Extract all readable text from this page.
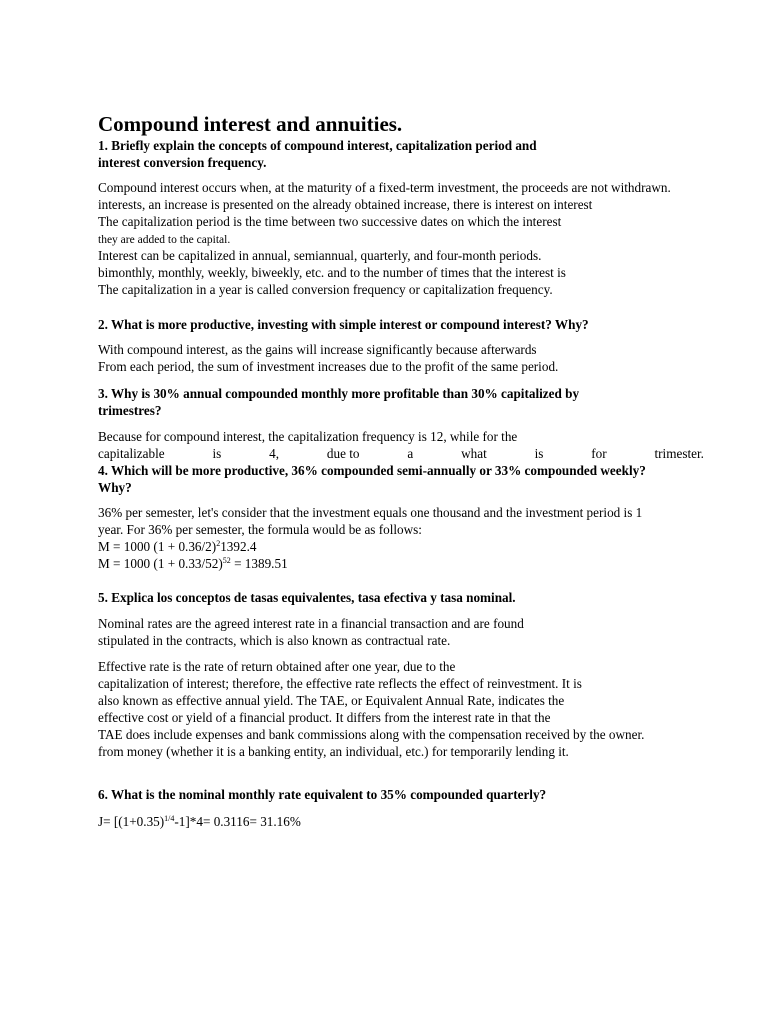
Compound interest and annuities.
1. Briefly explain the concepts of compound interest, capitalization period and
interest conversion frequency.
Compound interest occurs when, at the maturity of a fixed-term investment, the proceeds are not withdrawn.
interests, an increase is presented on the already obtained increase, there is interest on interest
The capitalization period is the time between two successive dates on which the interest
they are added to the capital.
Interest can be capitalized in annual, semiannual, quarterly, and four-month periods.
bimonthly, monthly, weekly, biweekly, etc. and to the number of times that the interest is
The capitalization in a year is called conversion frequency or capitalization frequency.
2. What is more productive, investing with simple interest or compound interest? Why?
With compound interest, as the gains will increase significantly because afterwards
From each period, the sum of investment increases due to the profit of the same period.
3. Why is 30% annual compounded monthly more profitable than 30% capitalized by
trimestres?
Because for compound interest, the capitalization frequency is 12, while for the
capitalizable	is	4,	due to	a	what	is	for	trimester.
4. Which will be more productive, 36% compounded semi-annually or 33% compounded weekly?
Why?
36% per semester, let's consider that the investment equals one thousand and the investment period is 1
year. For 36% per semester, the formula would be as follows:
M = 1000 $(1 + 0.36/2)^21392.4$
M = 1000 $(1 + 0.33/52)^{52} = 1389.51$
5. Explica los conceptos de tasas equivalentes, tasa efectiva y tasa nominal.
Nominal rates are the agreed interest rate in a financial transaction and are found
stipulated in the contracts, which is also known as contractual rate.
Effective rate is the rate of return obtained after one year, due to the
capitalization of interest; therefore, the effective rate reflects the effect of reinvestment. It is
also known as effective annual yield. The TAE, or Equivalent Annual Rate, indicates the
effective cost or yield of a financial product. It differs from the interest rate in that the
TAE does include expenses and bank commissions along with the compensation received by the owner.
from money (whether it is a banking entity, an individual, etc.) for temporarily lending it.
6. What is the nominal monthly rate equivalent to 35% compounded quarterly?
$J= [(1+0.35)^{1/4}-1]*4= 0.3116= 31.16\%$
